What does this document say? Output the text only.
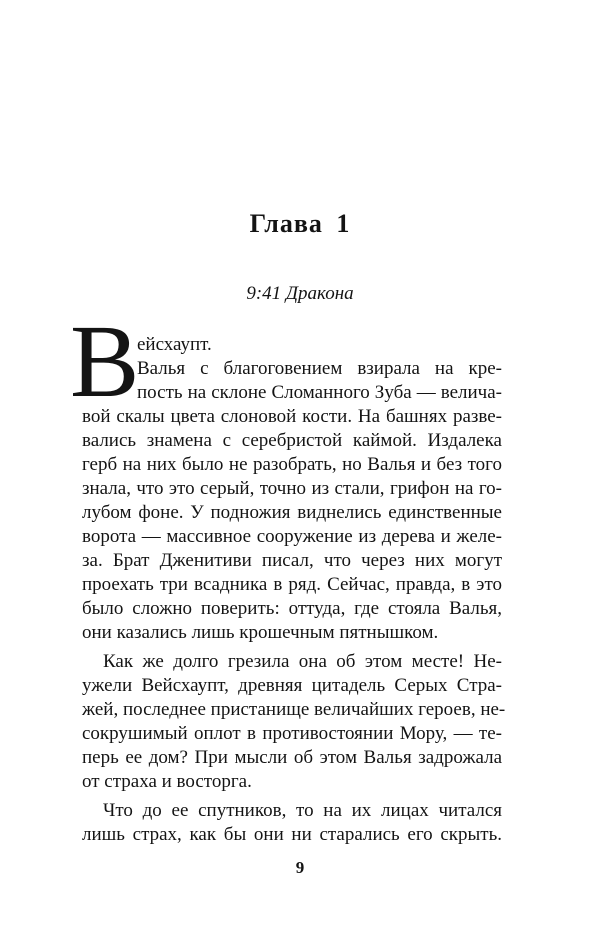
Глава 1
9:41 Дракона
В
ейсхаупт.
Валья с благоговением взирала на кре-
пость на склоне Сломанного Зуба — велича-
вой скалы цвета слоновой кости. На башнях разве-
вались знамена с серебристой каймой. Издалека
герб на них было не разобрать, но Валья и без того
знала, что это серый, точно из стали, грифон на го-
лубом фоне. У подножия виднелись единственные
ворота — массивное сооружение из дерева и желе-
за. Брат Дженитиви писал, что через них могут
проехать три всадника в ряд. Сейчас, правда, в это
было сложно поверить: оттуда, где стояла Валья,
они казались лишь крошечным пятнышком.
Как же долго грезила она об этом месте! Не-
ужели Вейсхаупт, древняя цитадель Серых Стра-
жей, последнее пристанище величайших героев, не-
сокрушимый оплот в противостоянии Мору, — те-
перь ее дом? При мысли об этом Валья задрожала
от страха и восторга.
Что до ее спутников, то на их лицах читался
лишь страх, как бы они ни старались его скрыть.
9
